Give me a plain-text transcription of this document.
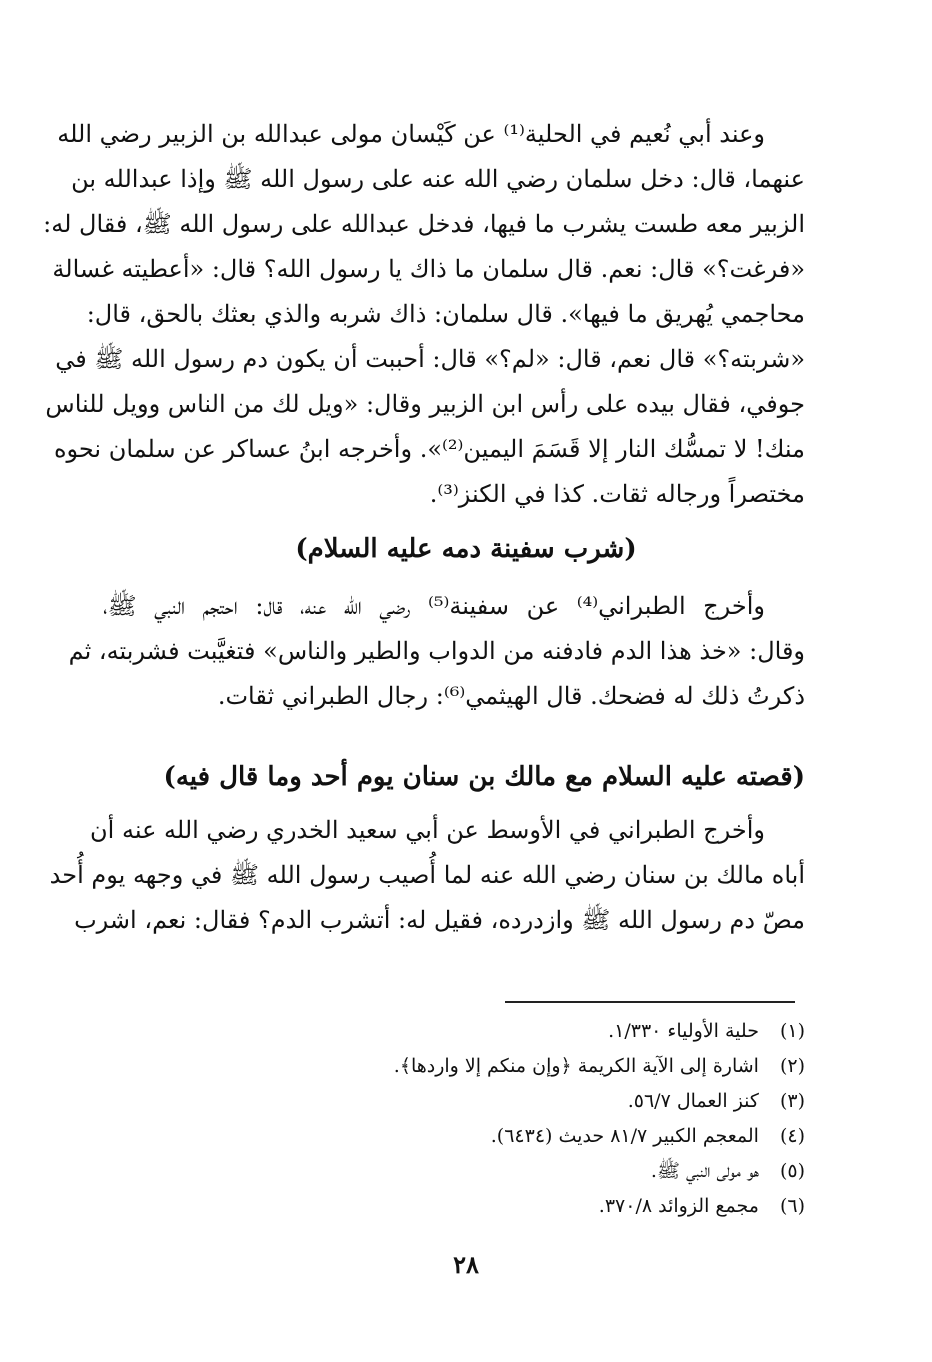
وعند أبي نُعيم في الحلية⁽¹⁾ عن كَيْسان مولى عبدالله بن الزبير رضي الله
عنهما، قال: دخل سلمان رضي الله عنه على رسول الله ﷺ وإذا عبدالله بن
الزبير معه طست يشرب ما فيها، فدخل عبدالله على رسول الله ﷺ، فقال له:
«فرغت؟» قال: نعم. قال سلمان ما ذاك يا رسول الله؟ قال: «أعطيته غسالة
محاجمي يُهريق ما فيها». قال سلمان: ذاك شربه والذي بعثك بالحق، قال:
«شربته؟» قال نعم، قال: «لم؟» قال: أحببت أن يكون دم رسول الله ﷺ في
جوفي، فقال بيده على رأس ابن الزبير وقال: «ويل لك من الناس وويل للناس
منك! لا تمسُّك النار إلا قَسَمَ اليمين⁽²⁾». وأخرجه ابنُ عساكر عن سلمان نحوه
مختصراً ورجاله ثقات. كذا في الكنز⁽³⁾.
(شرب سفينة دمه عليه السلام)
وأخرج الطبراني⁽⁴⁾ عن سفينة⁽⁵⁾ رضي الله عنه، قال: احتجم النبي ﷺ،
وقال: «خذ هذا الدم فادفنه من الدواب والطير والناس» فتغيَّبت فشربته، ثم
ذكرتُ ذلك له فضحك. قال الهيثمي⁽⁶⁾: رجال الطبراني ثقات.
(قصته عليه السلام مع مالك بن سنان يوم أحد وما قال فيه)
وأخرج الطبراني في الأوسط عن أبي سعيد الخدري رضي الله عنه أن
أباه مالك بن سنان رضي الله عنه لما أُصيب رسول الله ﷺ في وجهه يوم أُحد
مصّ دم رسول الله ﷺ وازدرده، فقيل له: أتشرب الدم؟ فقال: نعم، اشرب
(١) حلية الأولياء ١/٣٣٠.
(٢) اشارة إلى الآية الكريمة ﴿وإن منكم إلا واردها﴾.
(٣) كنز العمال ٥٦/٧.
(٤) المعجم الكبير ٨١/٧ حديث (٦٤٣٤).
(٥) هو مولى النبي ﷺ.
(٦) مجمع الزوائد ٣٧٠/٨.
٢٨
